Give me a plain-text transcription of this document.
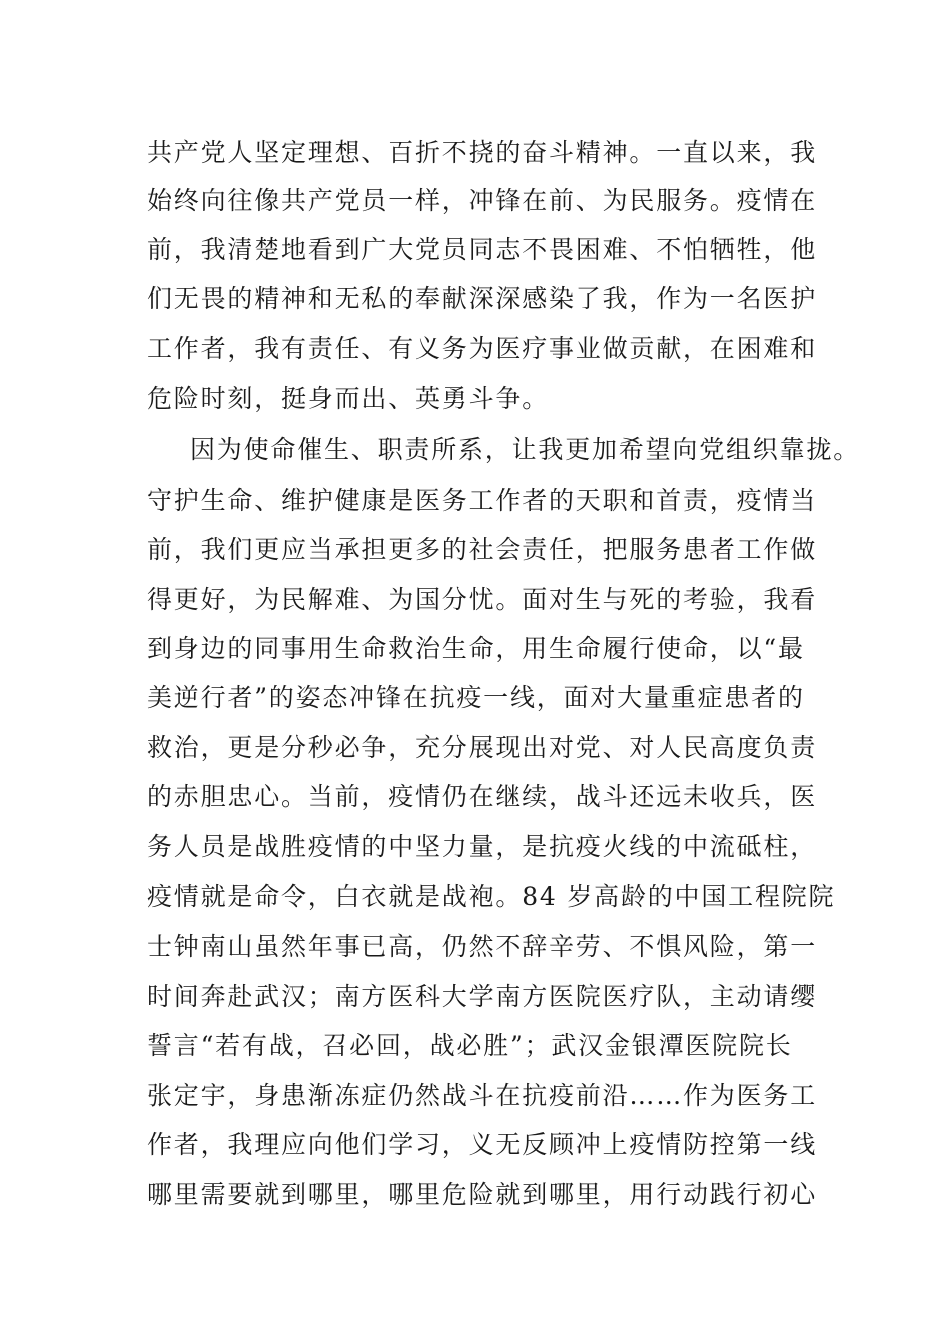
共产党人坚定理想、百折不挠的奋斗精神。一直以来，我
始终向往像共产党员一样，冲锋在前、为民服务。疫情在
前，我清楚地看到广大党员同志不畏困难、不怕牺牲，他
们无畏的精神和无私的奉献深深感染了我，作为一名医护
工作者，我有责任、有义务为医疗事业做贡献，在困难和
危险时刻，挺身而出、英勇斗争。
因为使命催生、职责所系，让我更加希望向党组织靠拢。
守护生命、维护健康是医务工作者的天职和首责，疫情当
前，我们更应当承担更多的社会责任，把服务患者工作做
得更好，为民解难、为国分忧。面对生与死的考验，我看
到身边的同事用生命救治生命，用生命履行使命，以“最
美逆行者”的姿态冲锋在抗疫一线，面对大量重症患者的
救治，更是分秒必争，充分展现出对党、对人民高度负责
的赤胆忠心。当前，疫情仍在继续，战斗还远未收兵，医
务人员是战胜疫情的中坚力量，是抗疫火线的中流砥柱，
疫情就是命令，白衣就是战袍。84 岁高龄的中国工程院院
士钟南山虽然年事已高，仍然不辞辛劳、不惧风险，第一
时间奔赴武汉；南方医科大学南方医院医疗队，主动请缨
誓言“若有战，召必回，战必胜”；武汉金银潭医院院长
张定宇，身患渐冻症仍然战斗在抗疫前沿……作为医务工
作者，我理应向他们学习，义无反顾冲上疫情防控第一线
哪里需要就到哪里，哪里危险就到哪里，用行动践行初心
